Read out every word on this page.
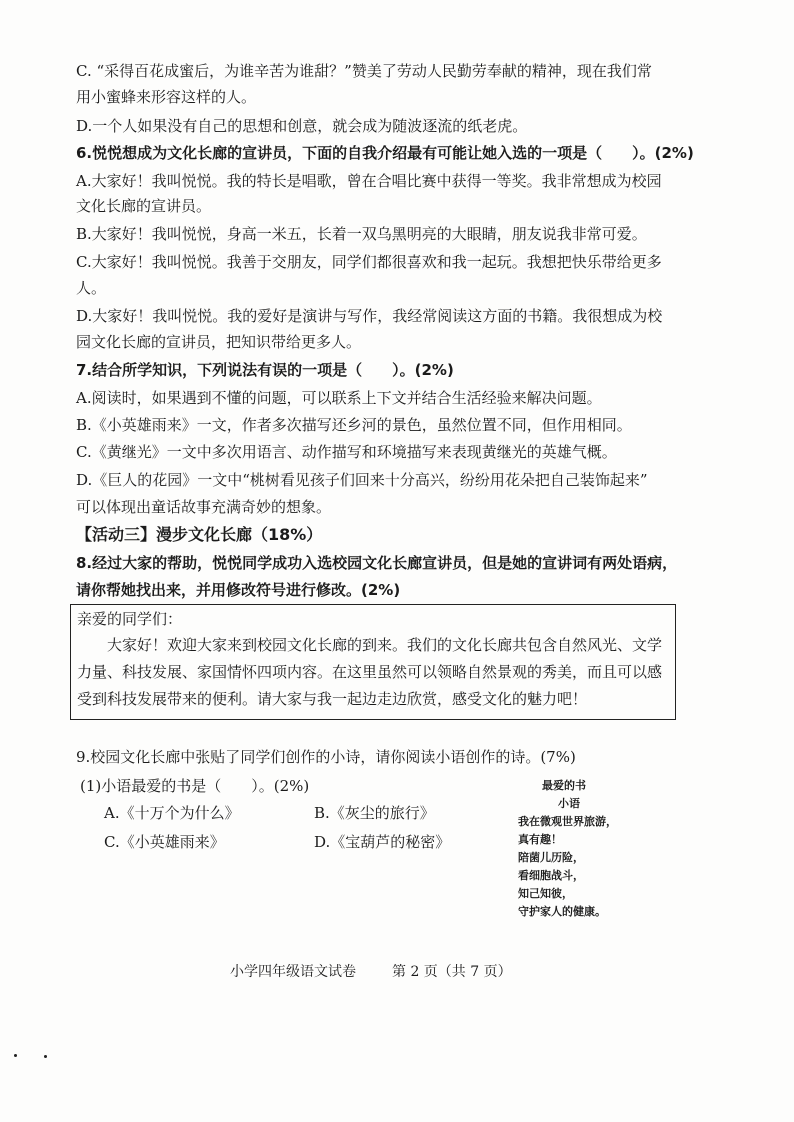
C. “采得百花成蜜后，为谁辛苦为谁甜？”赞美了劳动人民勤劳奉献的精神，现在我们常
用小蜜蜂来形容这样的人。
D.一个人如果没有自己的思想和创意，就会成为随波逐流的纸老虎。
6.悦悦想成为文化长廊的宣讲员，下面的自我介绍最有可能让她入选的一项是（　　）。(2%)
A.大家好！我叫悦悦。我的特长是唱歌，曾在合唱比赛中获得一等奖。我非常想成为校园
文化长廊的宣讲员。
B.大家好！我叫悦悦，身高一米五，长着一双乌黑明亮的大眼睛，朋友说我非常可爱。
C.大家好！我叫悦悦。我善于交朋友，同学们都很喜欢和我一起玩。我想把快乐带给更多
人。
D.大家好！我叫悦悦。我的爱好是演讲与写作，我经常阅读这方面的书籍。我很想成为校
园文化长廊的宣讲员，把知识带给更多人。
7.结合所学知识，下列说法有误的一项是（　　）。(2%)
A.阅读时，如果遇到不懂的问题，可以联系上下文并结合生活经验来解决问题。
B.《小英雄雨来》一文，作者多次描写还乡河的景色，虽然位置不同，但作用相同。
C.《黄继光》一文中多次用语言、动作描写和环境描写来表现黄继光的英雄气概。
D.《巨人的花园》一文中“桃树看见孩子们回来十分高兴，纷纷用花朵把自己装饰起来”
可以体现出童话故事充满奇妙的想象。
【活动三】漫步文化长廊（18%）
8.经过大家的帮助，悦悦同学成功入选校园文化长廊宣讲员，但是她的宣讲词有两处语病，
请你帮她找出来，并用修改符号进行修改。(2%)
亲爱的同学们：
　　大家好！欢迎大家来到校园文化长廊的到来。我们的文化长廊共包含自然风光、文学
力量、科技发展、家国情怀四项内容。在这里虽然可以领略自然景观的秀美，而且可以感
受到科技发展带来的便利。请大家与我一起边走边欣赏，感受文化的魅力吧！
9.校园文化长廊中张贴了同学们创作的小诗，请你阅读小语创作的诗。(7%)
(1)小语最爱的书是（　　）。(2%)
A.《十万个为什么》	B.《灰尘的旅行》
C.《小英雄雨来》	D.《宝葫芦的秘密》
最爱的书
小语
我在微观世界旅游，
真有趣！
陪菌儿历险，
看细胞战斗，
知己知彼，
守护家人的健康。
小学四年级语文试卷	第 2 页（共 7 页）
